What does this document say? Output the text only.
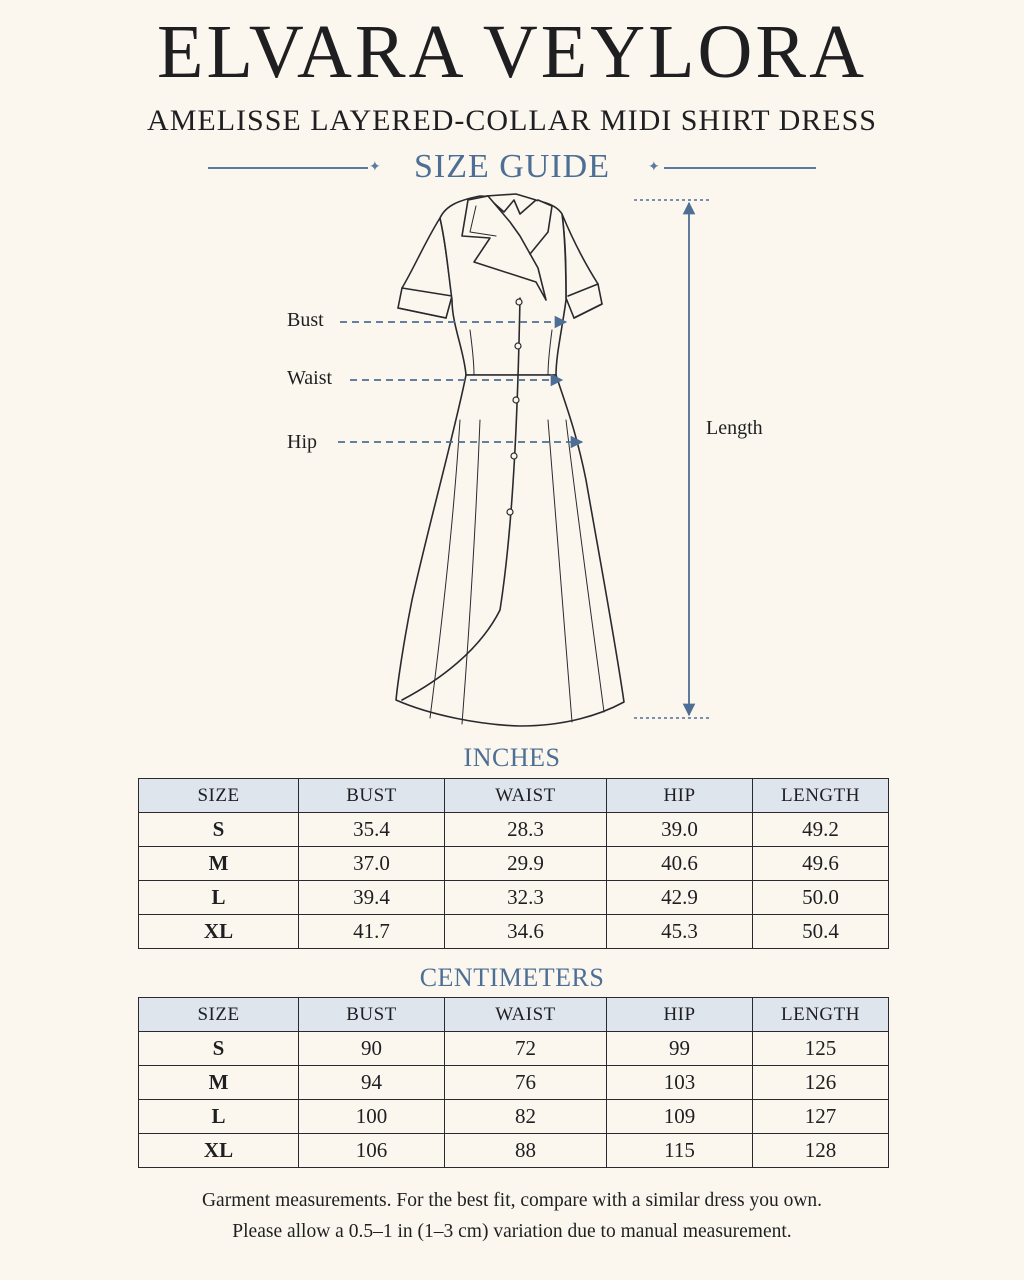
ELVARA VEYLORA
AMELISSE LAYERED-COLLAR MIDI SHIRT DRESS
✦ SIZE GUIDE	✦
Bust
Waist
Hip
Length
INCHES
SIZE	BUST	WAIST	HIP	LENGTH
S	35.4	28.3	39.0	49.2
M	37.0	29.9	40.6	49.6
L	39.4	32.3	42.9	50.0
XL	41.7	34.6	45.3	50.4
CENTIMETERS
SIZE	BUST	WAIST	HIP	LENGTH
S	90	72	99	125
M	94	76	103	126
L	100	82	109	127
XL	106	88	115	128
Garment measurements. For the best fit, compare with a similar dress you own.
Please allow a 0.5–1 in (1–3 cm) variation due to manual measurement.
